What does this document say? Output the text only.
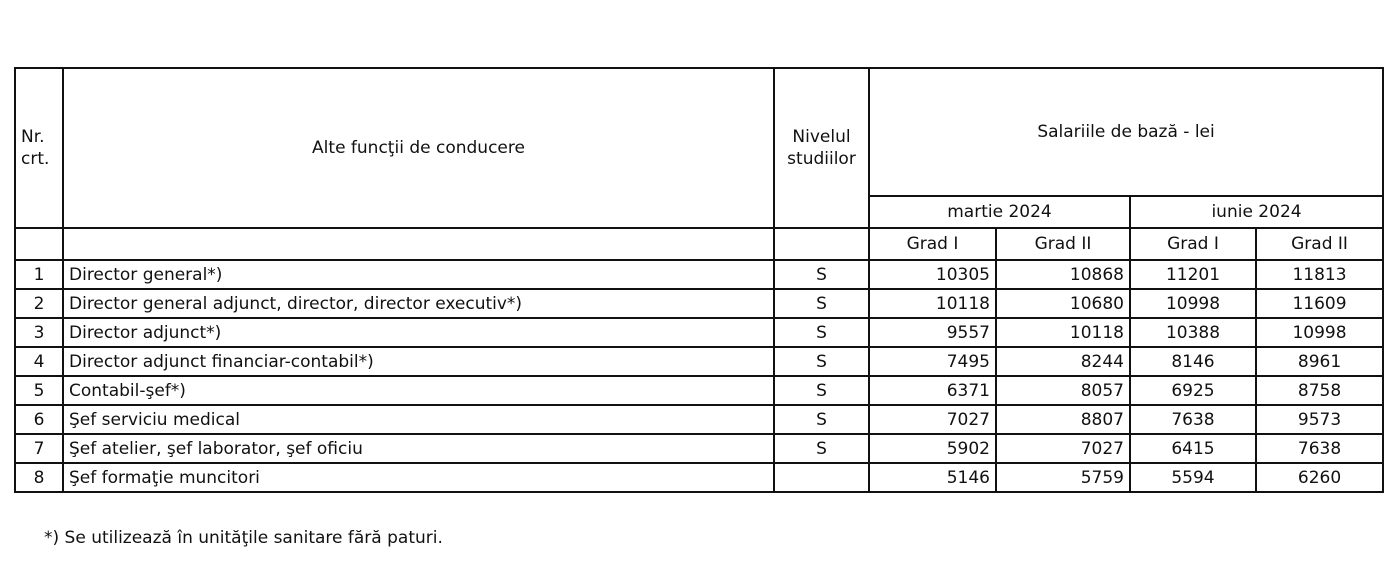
Nr. crt.	Alte funcţii de conducere	Nivelul studiilor	Salariile de bază - lei			
			martie 2024		iunie 2024	
			Grad I	Grad II	Grad I	Grad II
1	Director general*)	S	10305	10868	11201	11813
2	Director general adjunct, director, director executiv*)	S	10118	10680	10998	11609
3	Director adjunct*)	S	9557	10118	10388	10998
4	Director adjunct financiar-contabil*)	S	7495	8244	8146	8961
5	Contabil-şef*)	S	6371	8057	6925	8758
6	Şef serviciu medical	S	7027	8807	7638	9573
7	Şef atelier, şef laborator, şef oficiu	S	5902	7027	6415	7638
8	Şef formaţie muncitori		5146	5759	5594	6260
*) Se utilizează în unităţile sanitare fără paturi.
